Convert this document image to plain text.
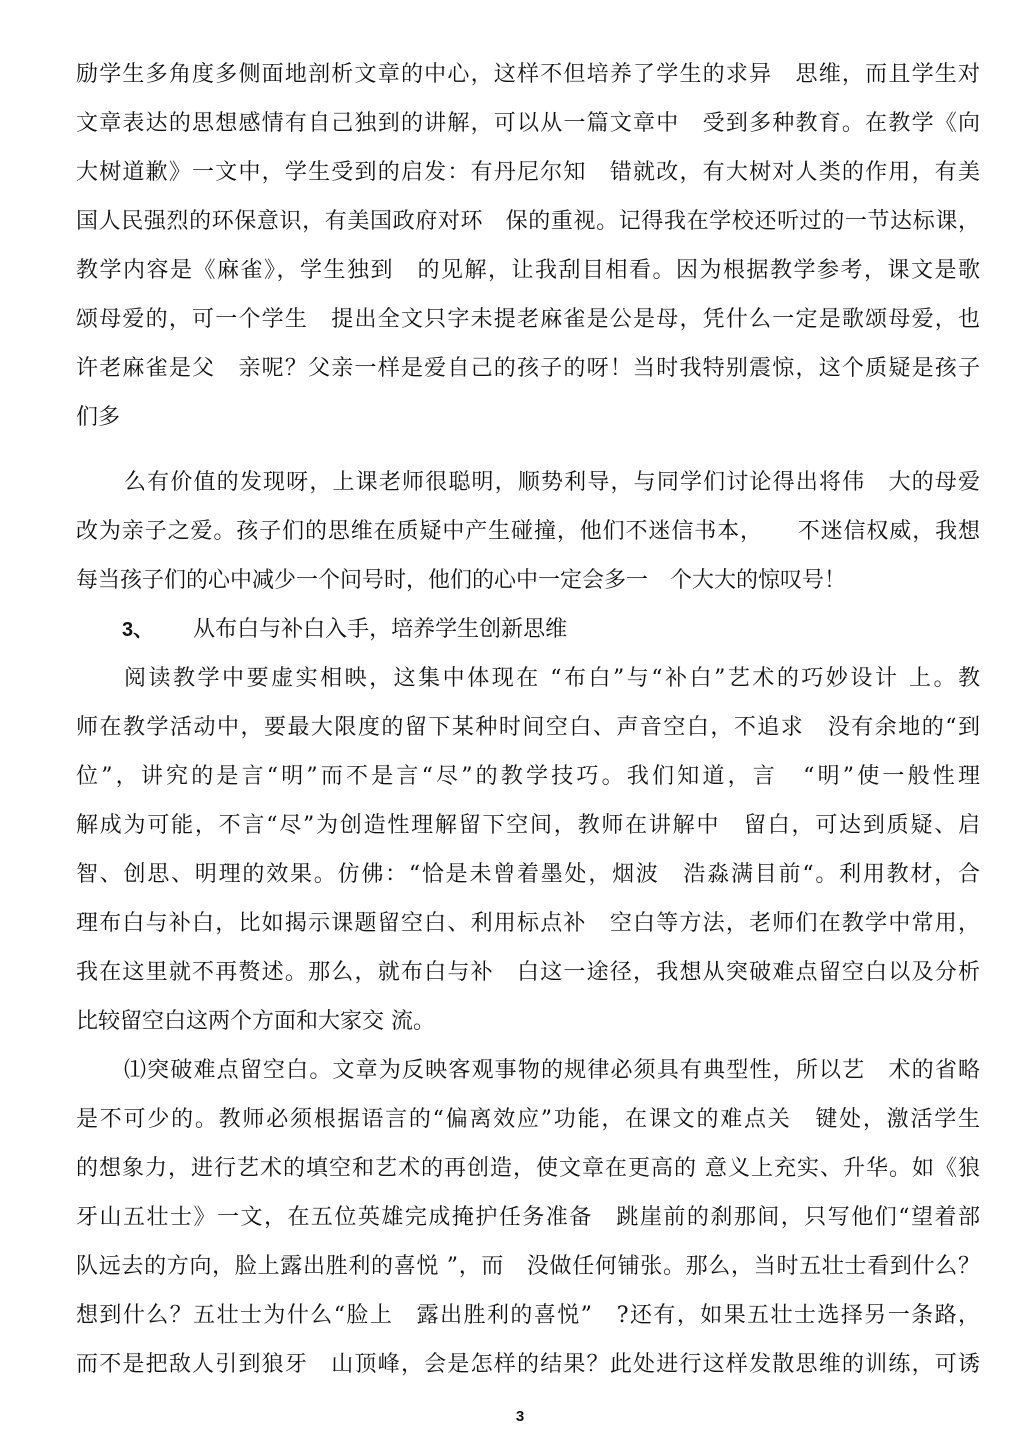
励学生多角度多侧面地剖析文章的中心，这样不但培养了学生的求异　思维，而且学生对
文章表达的思想感情有自己独到的讲解，可以从一篇文章中　受到多种教育。在教学《向
大树道歉》一文中，学生受到的启发：有丹尼尔知　错就改，有大树对人类的作用，有美
国人民强烈的环保意识，有美国政府对环　保的重视。记得我在学校还听过的一节达标课，
教学内容是《麻雀》，学生独到　的见解，让我刮目相看。因为根据教学参考，课文是歌
颂母爱的，可一个学生　提出全文只字未提老麻雀是公是母，凭什么一定是歌颂母爱，也
许老麻雀是父　亲呢？父亲一样是爱自己的孩子的呀！当时我特别震惊，这个质疑是孩子
们多
么有价值的发现呀，上课老师很聪明，顺势利导，与同学们讨论得出将伟　大的母爱
改为亲子之爱。孩子们的思维在质疑中产生碰撞，他们不迷信书本，　　不迷信权威，我想
每当孩子们的心中减少一个问号时，他们的心中一定会多一　个大大的惊叹号！
3、 从布白与补白入手，培养学生创新思维
阅读教学中要虚实相映，这集中体现在 “布白”与“补白”艺术的巧妙设计 上。教
师在教学活动中，要最大限度的留下某种时间空白、声音空白，不追求　没有余地的“到
位”，讲究的是言“明”而不是言“尽”的教学技巧。我们知道，言　“明”使一般性理
解成为可能，不言“尽”为创造性理解留下空间，教师在讲解中　留白，可达到质疑、启
智、创思、明理的效果。仿佛：“恰是未曾着墨处，烟波　浩淼满目前“。利用教材，合
理布白与补白，比如揭示课题留空白、利用标点补　空白等方法，老师们在教学中常用，
我在这里就不再赘述。那么，就布白与补　白这一途径，我想从突破难点留空白以及分析
比较留空白这两个方面和大家交 流。
⑴突破难点留空白。文章为反映客观事物的规律必须具有典型性，所以艺　术的省略
是不可少的。教师必须根据语言的“偏离效应”功能，在课文的难点关　键处，激活学生
的想象力，进行艺术的填空和艺术的再创造，使文章在更高的 意义上充实、升华。如《狼
牙山五壮士》一文，在五位英雄完成掩护任务准备　跳崖前的刹那间，只写他们“望着部
队远去的方向，脸上露出胜利的喜悦 ”，而　没做任何铺张。那么，当时五壮士看到什么？
想到什么？五壮士为什么“脸上　露出胜利的喜悦”　?还有，如果五壮士选择另一条路，
而不是把敌人引到狼牙　山顶峰，会是怎样的结果？此处进行这样发散思维的训练，可诱
3
